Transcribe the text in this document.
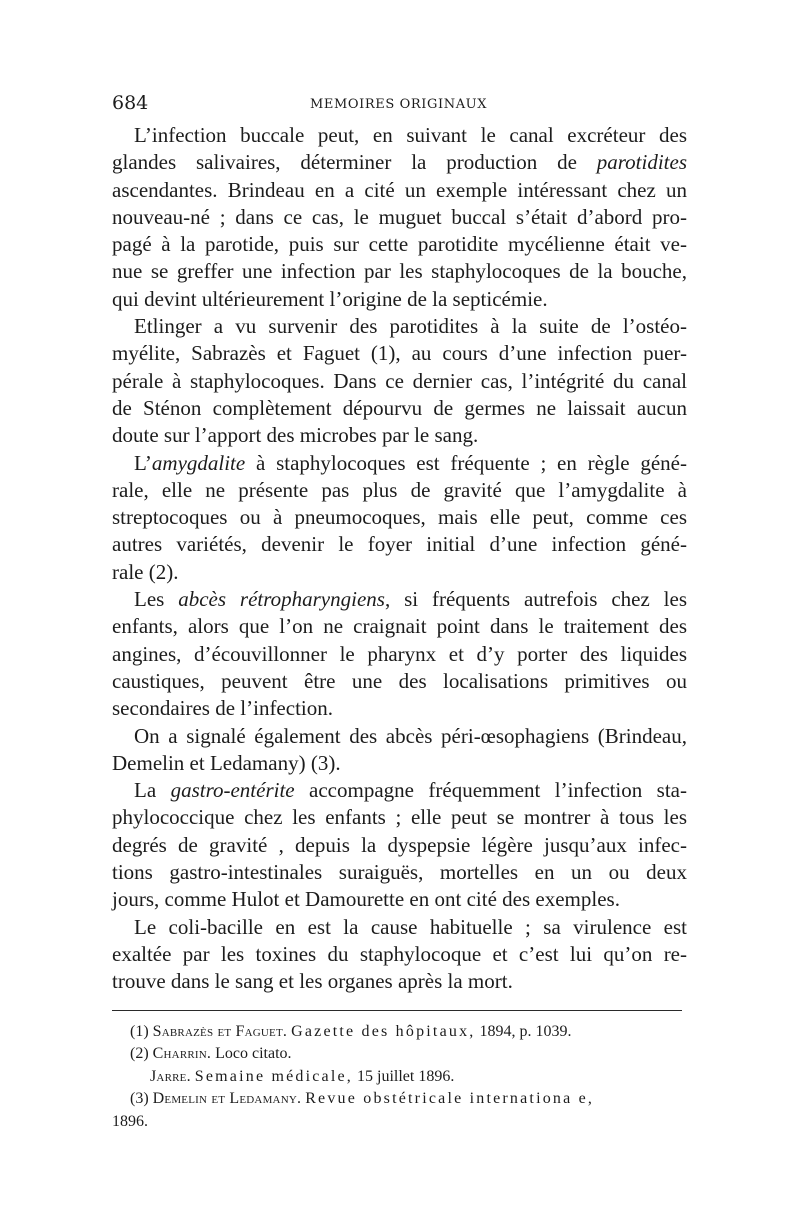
684	MEMOIRES ORIGINAUX
L’infection buccale peut, en suivant le canal excréteur des
glandes salivaires, déterminer la production de parotidites
ascendantes. Brindeau en a cité un exemple intéressant chez un
nouveau-né ; dans ce cas, le muguet buccal s’était d’abord pro-
pagé à la parotide, puis sur cette parotidite mycélienne était ve-
nue se greffer une infection par les staphylocoques de la bouche,
qui devint ultérieurement l’origine de la septicémie.
Etlinger a vu survenir des parotidites à la suite de l’ostéo-
myélite, Sabrazès et Faguet (1), au cours d’une infection puer-
pérale à staphylocoques. Dans ce dernier cas, l’intégrité du canal
de Sténon complètement dépourvu de germes ne laissait aucun
doute sur l’apport des microbes par le sang.
L’amygdalite à staphylocoques est fréquente ; en règle géné-
rale, elle ne présente pas plus de gravité que l’amygdalite à
streptocoques ou à pneumocoques, mais elle peut, comme ces
autres variétés, devenir le foyer initial d’une infection géné-
rale (2).
Les abcès rétropharyngiens, si fréquents autrefois chez les
enfants, alors que l’on ne craignait point dans le traitement des
angines, d’écouvillonner le pharynx et d’y porter des liquides
caustiques, peuvent être une des localisations primitives ou
secondaires de l’infection.
On a signalé également des abcès péri-œsophagiens (Brindeau,
Demelin et Ledamany) (3).
La gastro-entérite accompagne fréquemment l’infection sta-
phylococcique chez les enfants ; elle peut se montrer à tous les
degrés de gravité , depuis la dyspepsie légère jusqu’aux infec-
tions gastro-intestinales suraiguës, mortelles en un ou deux
jours, comme Hulot et Damourette en ont cité des exemples.
Le coli-bacille en est la cause habituelle ; sa virulence est
exaltée par les toxines du staphylocoque et c’est lui qu’on re-
trouve dans le sang et les organes après la mort.
(1) Sabrazès et Faguet. Gazette des hôpitaux, 1894, p. 1039.
(2) Charrin. Loco citato.
Jarre. Semaine médicale, 15 juillet 1896.
(3) Demelin et Ledamany. Revue obstétricale internationa e,
1896.
